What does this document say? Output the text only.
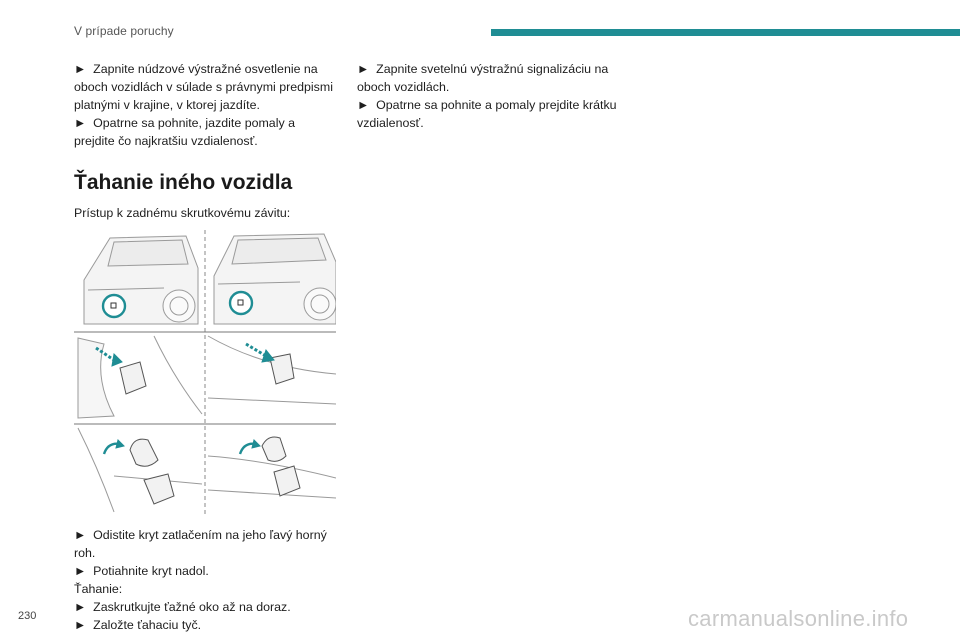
V prípade poruchy

►  Zapnite núdzové výstražné osvetlenie na oboch vozidlách v súlade s právnymi predpismi platnými v krajine, v ktorej jazdíte.

►  Opatrne sa pohnite, jazdite pomaly a prejdite čo najkratšiu vzdialenosť.

Ťahanie iného vozidla

Prístup k zadnému skrutkovému závitu:

►  Odistite kryt zatlačením na jeho ľavý horný roh.

►  Potiahnite kryt nadol.

Ťahanie:

►  Zaskrutkujte ťažné oko až na doraz.

►  Založte ťahaciu tyč.

►  Zapnite svetelnú výstražnú signalizáciu na oboch vozidlách.

►  Opatrne sa pohnite a pomaly prejdite krátku vzdialenosť.

230	carmanualsonline.info
